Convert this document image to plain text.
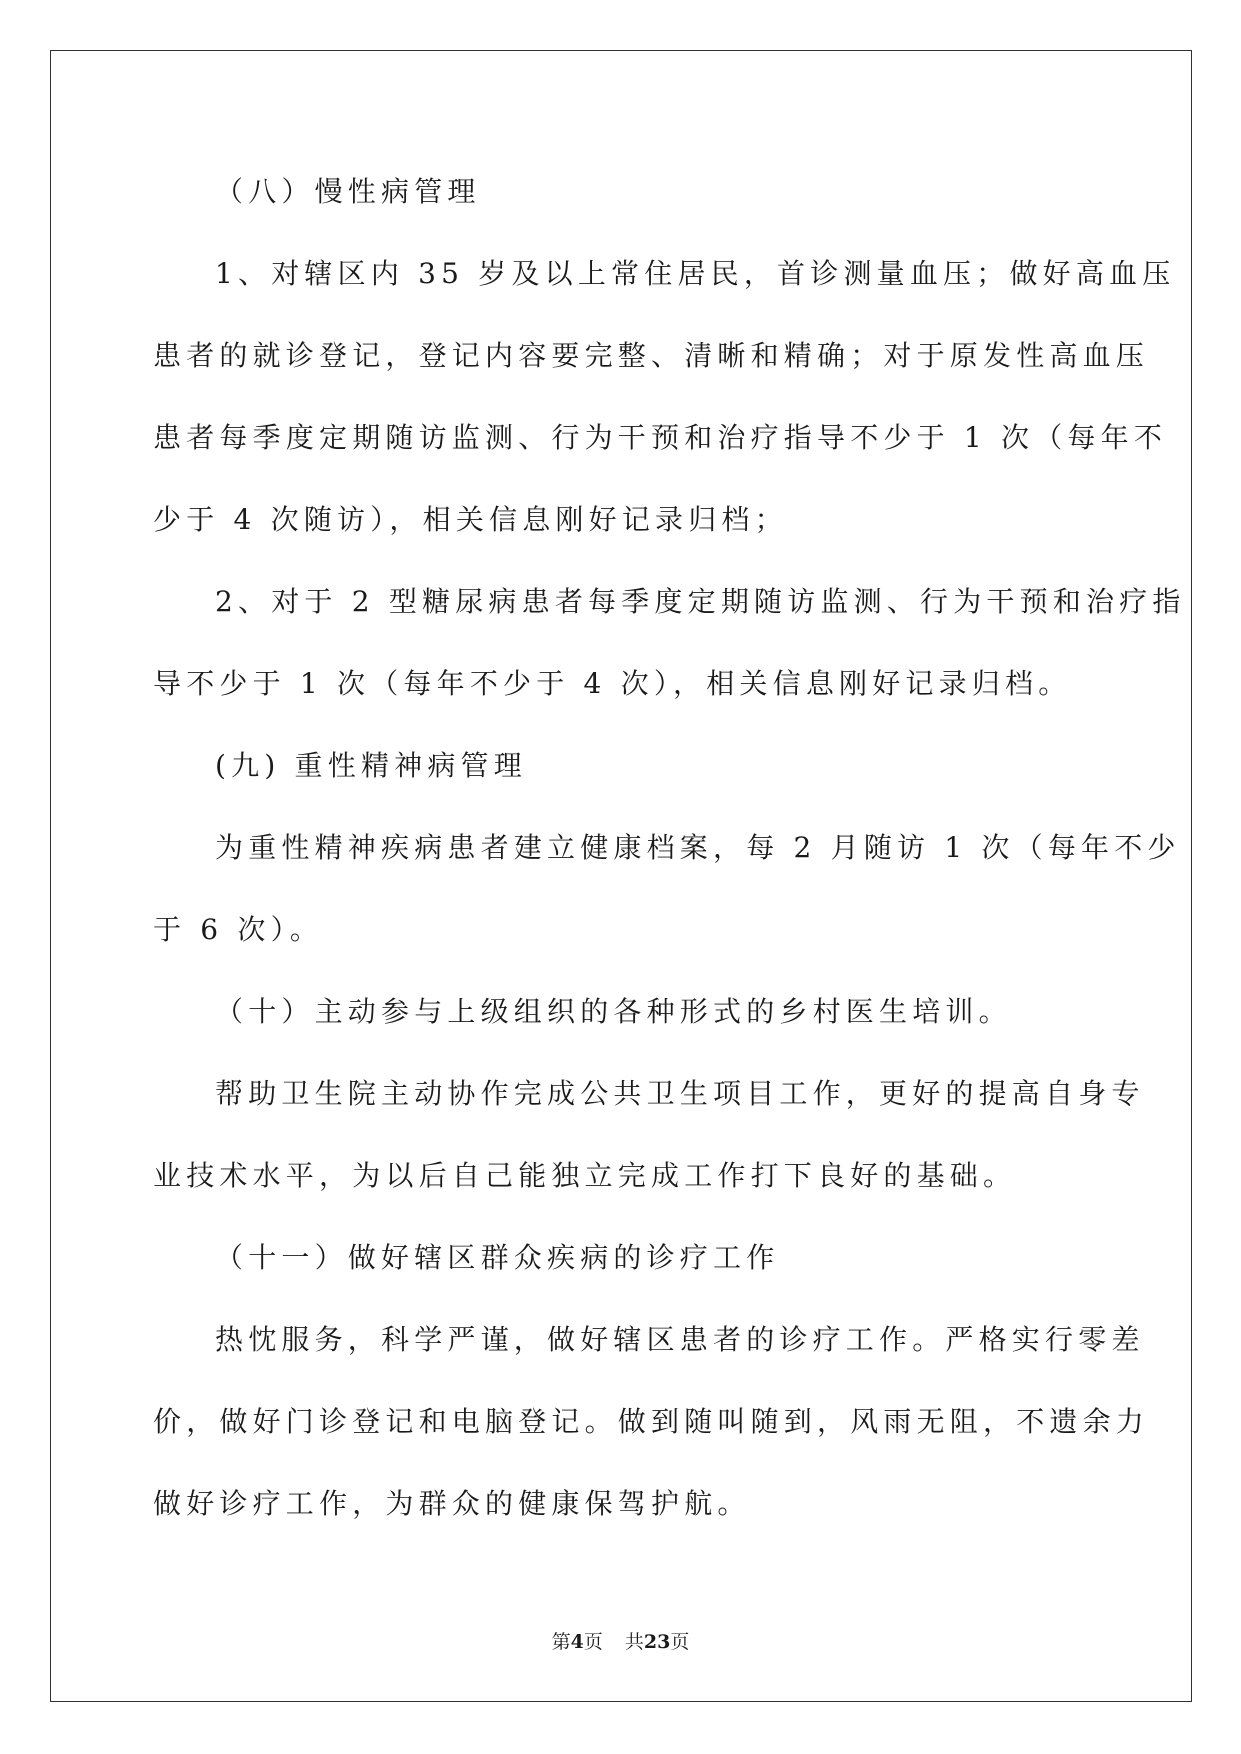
（八）慢性病管理
1、对辖区内 35 岁及以上常住居民，首诊测量血压；做好高血压
患者的就诊登记，登记内容要完整、清晰和精确；对于原发性高血压
患者每季度定期随访监测、行为干预和治疗指导不少于 1 次（每年不
少于 4 次随访），相关信息刚好记录归档；
2、对于 2 型糖尿病患者每季度定期随访监测、行为干预和治疗指
导不少于 1 次（每年不少于 4 次），相关信息刚好记录归档。
(九) 重性精神病管理
为重性精神疾病患者建立健康档案，每 2 月随访 1 次（每年不少
于 6 次）。
（十）主动参与上级组织的各种形式的乡村医生培训。
帮助卫生院主动协作完成公共卫生项目工作，更好的提高自身专
业技术水平，为以后自己能独立完成工作打下良好的基础。
（十一）做好辖区群众疾病的诊疗工作
热忱服务，科学严谨，做好辖区患者的诊疗工作。严格实行零差
价，做好门诊登记和电脑登记。做到随叫随到，风雨无阻，不遗余力
做好诊疗工作，为群众的健康保驾护航。
第4页 共23页
